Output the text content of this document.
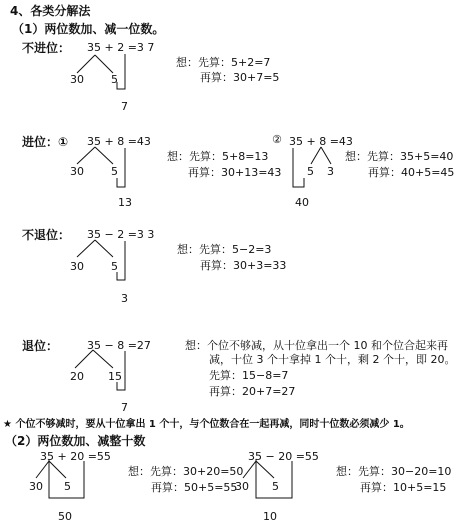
4、各类分解法
（1）两位数加、减一位数。
不进位： 35 + 2 =3 7
30 5
7
想：先算：5+2=7
再算：30+7=5
进位：① 35 + 8 =43
30 5
13
想：先算：5+8=13
再算：30+13=43
② 35 + 8 =43
5 3
40
想：先算：35+5=40
再算：40+5=45
不退位： 35 − 2 =3 3
30 5
3
想：先算：5−2=3
再算：30+3=33
退位：	35 − 8 =27
20 15
7
想：个位不够减，从十位拿出一个 10 和个位合起来再
减，十位 3 个十拿掉 1 个十，剩 2 个十，即 20。
先算：15−8=7
再算：20+7=27
★ 个位不够减时，要从十位拿出 1 个十，与个位数合在一起再减，同时十位数必须减少 1。
（2）两位数加、减整十数
35 + 20 =55
30 5
50
想：先算：30+20=50
再算：50+5=55
35 − 20 =55
30 5
10
想：先算：30−20=10
再算：10+5=15
